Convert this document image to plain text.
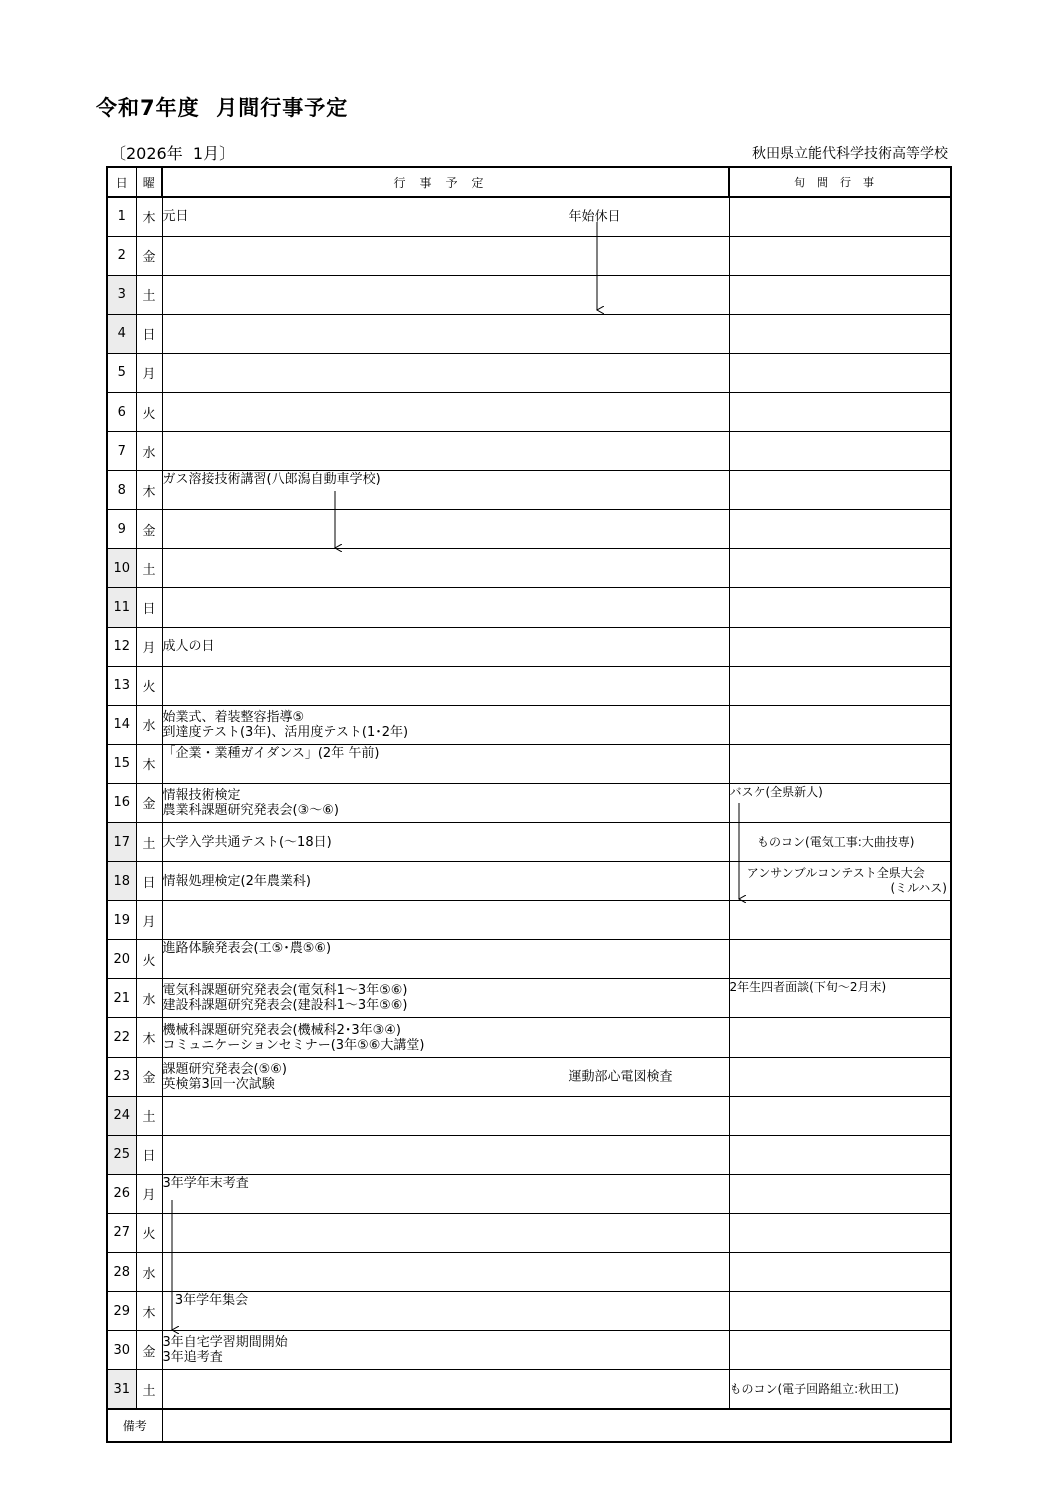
令和7年度  月間行事予定
〔2026年  1月〕	秋田県立能代科学技術高等学校
日	曜	行事予定	旬間行事
1	木	元日 年始休日	

2	金		
3	土		
4	日		
5	月		
6	火		
7	水		
8	木	ガス溶接技術講習(八郎潟自動車学校)	

9	金		
10	土		
11	日		
12	月	成人の日	

13	火		
14	水	始業式、着装整容指導⑤
到達度テスト(3年)、活用度テスト(1･2年)	

15	木	「企業・業種ガイダンス」(2年 午前)	

16	金	情報技術検定
農業科課題研究発表会(③～⑥)	バスケ(全県新人)

17	土	大学入学共通テスト(～18日)	ものコン(電気工事:大曲技専)

18	日	情報処理検定(2年農業科)	アンサンブルコンテスト全県大会
(ミルハス)

19	月		
20	火	進路体験発表会(工⑤･農⑤⑥)	

21	水	電気科課題研究発表会(電気科1～3年⑤⑥)
建設科課題研究発表会(建設科1～3年⑤⑥)	2年生四者面談(下旬～2月末)

22	木	機械科課題研究発表会(機械科2･3年③④)
コミュニケーションセミナー(3年⑤⑥大講堂)	

23	金	課題研究発表会(⑤⑥)
英検第3回一次試験 運動部心電図検査	

24	土		
25	日		
26	月	3年学年末考査	

27	火		
28	水		
29	木	3年学年集会	

30	金	3年自宅学習期間開始
3年追考査	

31	土		ものコン(電子回路組立:秋田工)

備考			
